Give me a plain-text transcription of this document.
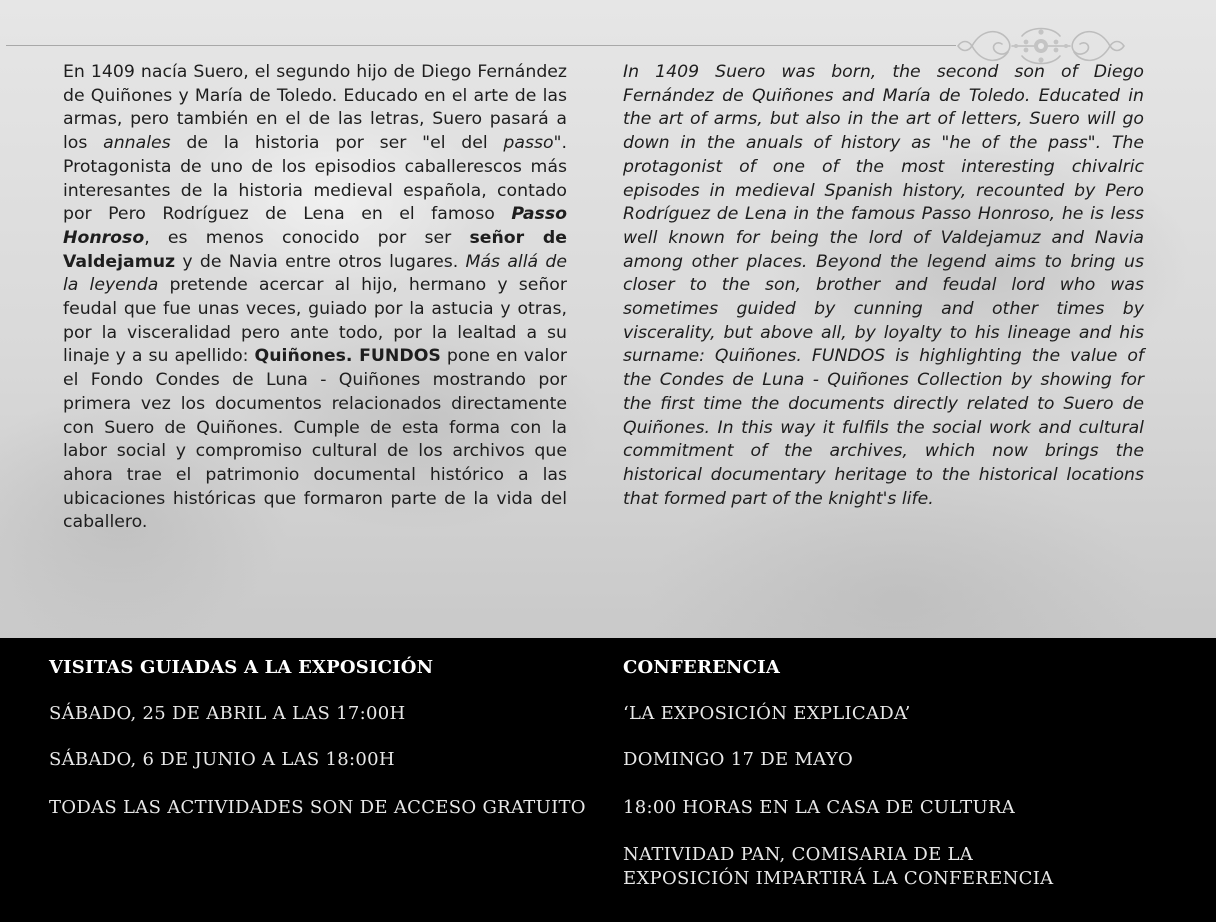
En 1409 nacía Suero, el segundo hijo de Diego Fernández de Quiñones y María de Toledo. Educado en el arte de las armas, pero también en el de las letras, Suero pasará a los annales de la historia por ser "el del passo". Protagonista de uno de los episodios caballerescos más interesantes de la historia medieval española, contado por Pero Rodríguez de Lena en el famoso Passo Honroso, es menos conocido por ser señor de Valdejamuz y de Navia entre otros lugares. Más allá de la leyenda pretende acercar al hijo, hermano y señor feudal que fue unas veces, guiado por la astucia y otras, por la visceralidad pero ante todo, por la lealtad a su linaje y a su apellido: Quiñones. FUNDOS pone en valor el Fondo Condes de Luna - Quiñones mostrando por primera vez los documentos relacionados directamente con Suero de Quiñones. Cumple de esta forma con la labor social y compromiso cultural de los archivos que ahora trae el patrimonio documental histórico a las ubicaciones históricas que formaron parte de la vida del caballero.
In 1409 Suero was born, the second son of Diego Fernández de Quiñones and María de Toledo. Educated in the art of arms, but also in the art of letters, Suero will go down in the anuals of history as "he of the pass". The protagonist of one of the most interesting chivalric episodes in medieval Spanish history, recounted by Pero Rodríguez de Lena in the famous Passo Honroso, he is less well known for being the lord of Valdejamuz and Navia among other places. Beyond the legend aims to bring us closer to the son, brother and feudal lord who was sometimes guided by cunning and other times by viscerality, but above all, by loyalty to his lineage and his surname: Quiñones. FUNDOS is highlighting the value of the Condes de Luna - Quiñones Collection by showing for the first time the documents directly related to Suero de Quiñones. In this way it fulfils the social work and cultural commitment of the archives, which now brings the historical documentary heritage to the historical locations that formed part of the knight's life.
VISITAS GUIADAS A LA EXPOSICIÓN
SÁBADO, 25 DE ABRIL A LAS 17:00H
SÁBADO, 6 DE JUNIO A LAS 18:00H
TODAS LAS ACTIVIDADES SON DE ACCESO GRATUITO
CONFERENCIA
‘LA EXPOSICIÓN EXPLICADA’
DOMINGO 17 DE MAYO
18:00 HORAS EN LA CASA DE CULTURA
NATIVIDAD PAN, COMISARIA DE LA EXPOSICIÓN IMPARTIRÁ LA CONFERENCIA
